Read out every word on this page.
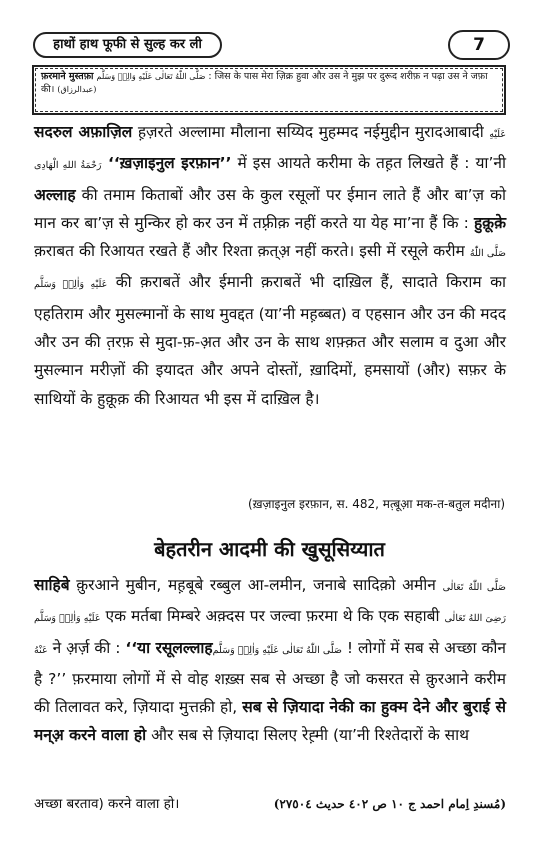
हाथों हाथ फूफी से सुल्ह कर ली	7
फ़रमाने मुस्तफ़ा صَلَّى اللّٰهُ تَعَالٰى عَلَيْهِ وَالِهٖ وَسَلَّم : जिस के पास मेरा ज़िक्र हुवा और उस ने मुझ पर दुरूद शरीफ़ न पढ़ा उस ने जफ़ा की। (عبدالرزاق)
सदरुल अफ़ाज़िल ह़ज़रते अल्लामा मौलाना सय्यिद मुहम्मद नईमुद्दीन मुरादआबादी عَلَيْهِ رَحْمَةُ اللهِ الْهَادِى ‘‘ख़ज़ाइनुल इरफ़ान’’ में इस आयते करीमा के तह़त लिखते हैं : या’नी अल्लाह की तमाम किताबों और उस के कुल रसूलों पर ईमान लाते हैं और बा’ज़ को मान कर बा’ज़ से मुन्किर हो कर उन में तफ़्रीक़ नहीं करते या येह मा’ना हैं कि : हुक़ूक़े क़राबत की रिआयत रखते हैं और रिश्ता क़त्अ़ नहीं करते। इसी में रसूले करीम صَلَّى اللّٰهُ عَلَيْهِ وَاٰلِهٖ وَسَلَّم की क़राबतें और ईमानी क़राबतें भी दाख़िल हैं, सादाते किराम का एहतिराम और मुसल्मानों के साथ मुवद्दत (या’नी मह़ब्बत) व एहसान और उन की मदद और उन की त़रफ़ से मुदा-फ़-अ़त और उन के साथ शफ़्क़त और सलाम व दुआ और मुसल्मान मरीज़ों की इयादत और अपने दोस्तों, ख़ादिमों, हमसायों (और) सफ़र के साथियों के हुक़ूक़ की रिआयत भी इस में दाख़िल है।
(ख़ज़ाइनुल इरफ़ान, स. 482, मत़्बूआ़ मक-त-बतुल मदीना)
बेहतरीन आदमी की खुसूसिय्यात
साहिबे क़ुरआने मुबीन, मह़बूबे रब्बुल आ-लमीन, जनाबे सादिक़ो अमीन صَلَّى اللّٰهُ تَعَالٰى عَلَيْهِ وَاٰلِهٖ وَسَلَّم एक मर्तबा मिम्बरे अक़्दस पर जल्वा फ़रमा थे कि एक सहाबी رَضِىَ اللهُ تَعَالٰى عَنْهُ ने अ़र्ज़ की : ‘‘या रसूलल्लाहصَلَّى اللّٰهُ تَعَالٰى عَلَيْهِ وَاٰلِهٖ وَسَلَّم ! लोगों में सब से अच्छा कौन है ?’’ फ़रमाया लोगों में से वोह शख़्स सब से अच्छा है जो कसरत से क़ुरआने करीम की तिलावत करे, ज़ियादा मुत्तक़ी हो, सब से ज़ियादा नेकी का हुक्म देने और बुराई से मन्अ़ करने वाला हो और सब से ज़ियादा सिलए रेह़्मी (या’नी रिश्तेदारों के साथ
अच्छा बरताव) करने वाला हो।	(مُسندِ اِمام احمد ج ١٠ ص ٤٠٢ حدیث ٢٧٥٠٤)
